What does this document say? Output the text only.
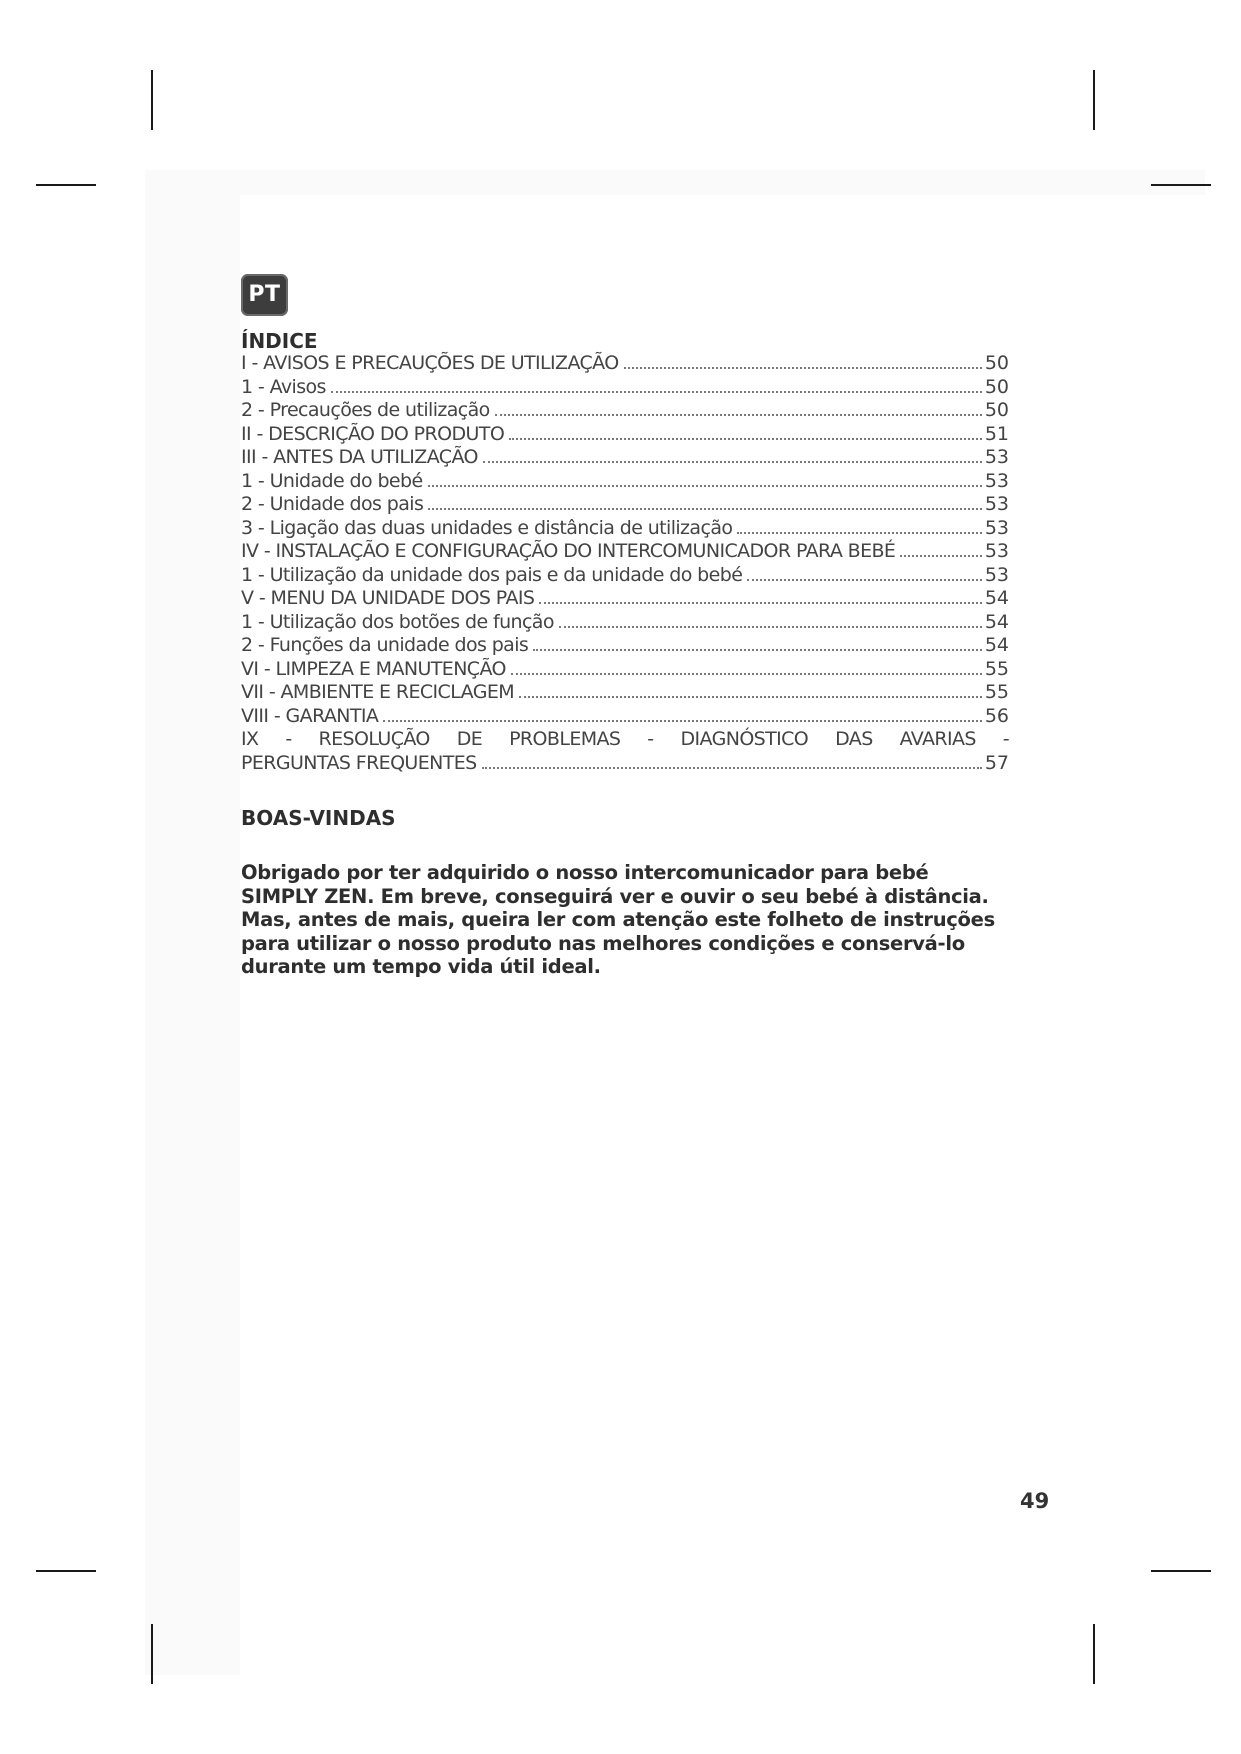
PT
ÍNDICE
I - AVISOS E PRECAUÇÕES DE UTILIZAÇÃO	50
1 - Avisos	50
2 - Precauções de utilização	50
II - DESCRIÇÃO DO PRODUTO	51
III - ANTES DA UTILIZAÇÃO	53
1 - Unidade do bebé	53
2 - Unidade dos pais	53
3 - Ligação das duas unidades e distância de utilização	53
IV - INSTALAÇÃO E CONFIGURAÇÃO DO INTERCOMUNICADOR PARA BEBÉ	53
1 - Utilização da unidade dos pais e da unidade do bebé	53
V - MENU DA UNIDADE DOS PAIS	54
1 - Utilização dos botões de função	54
2 - Funções da unidade dos pais	54
VI - LIMPEZA E MANUTENÇÃO	55
VII - AMBIENTE E RECICLAGEM	55
VIII - GARANTIA	56
IX - RESOLUÇÃO DE PROBLEMAS - DIAGNÓSTICO DAS AVARIAS -
PERGUNTAS FREQUENTES	57
BOAS-VINDAS

Obrigado por ter adquirido o nosso intercomunicador para bebé SIMPLY ZEN. Em breve, conseguirá ver e ouvir o seu bebé à distância. Mas, antes de mais, queira ler com atenção este folheto de instruções para utilizar o nosso produto nas melhores condições e conservá-lo durante um tempo vida útil ideal.

49
